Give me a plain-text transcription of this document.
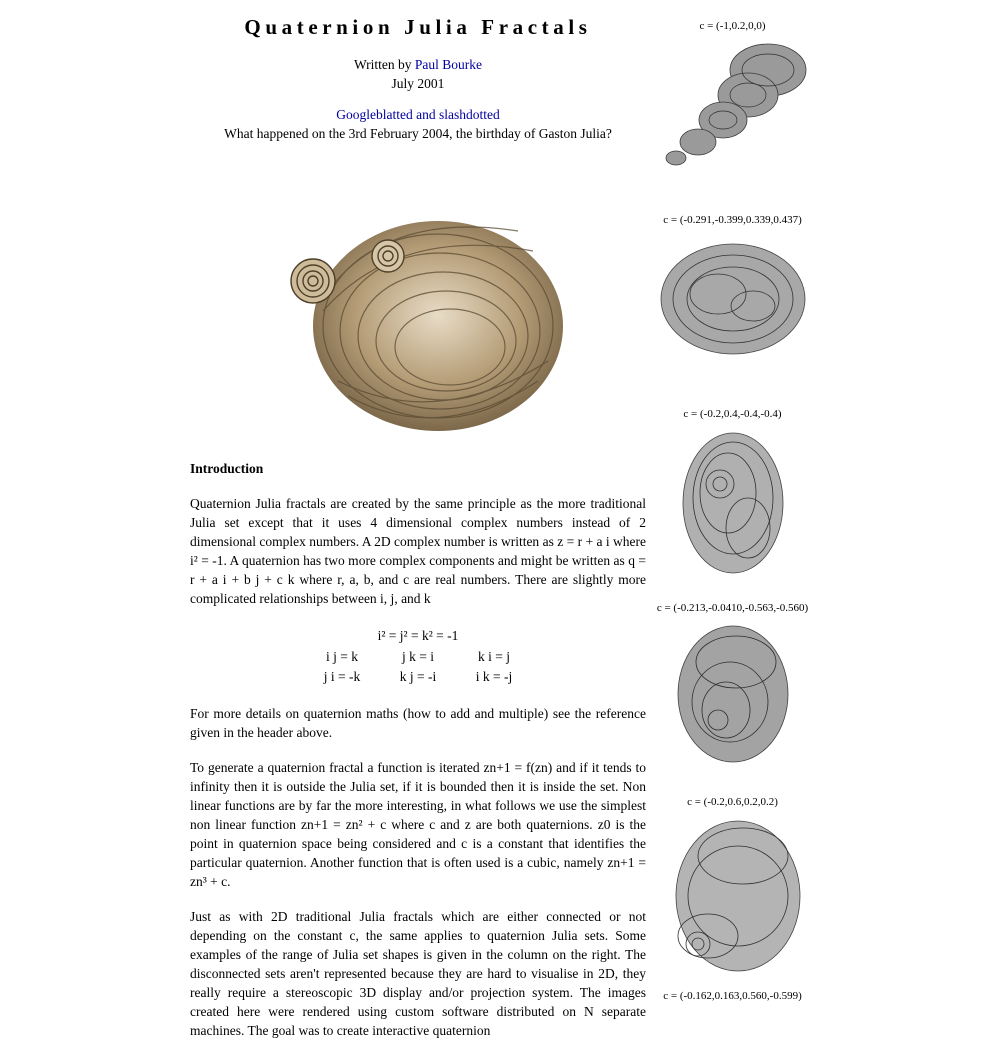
Quaternion Julia Fractals
Written by Paul Bourke
July 2001
Googleblatted and slashdotted
What happened on the 3rd February 2004, the birthday of Gaston Julia?
Introduction

Quaternion Julia fractals are created by the same principle as the more traditional Julia set except that it uses 4 dimensional complex numbers instead of 2 dimensional complex numbers. A 2D complex number is written as z = r + a i where i² = -1. A quaternion has two more complex components and might be written as q = r + a i + b j + c k where r, a, b, and c are real numbers. There are slightly more complicated relationships between i, j, and k

i² = j² = k² = -1
i j = k	j k = i	k i = j
j i = -k	k j = -i	i k = -j

For more details on quaternion maths (how to add and multiple) see the reference given in the header above.

To generate a quaternion fractal a function is iterated zn+1 = f(zn) and if it tends to infinity then it is outside the Julia set, if it is bounded then it is inside the set. Non linear functions are by far the more interesting, in what follows we use the simplest non linear function zn+1 = zn² + c where c and z are both quaternions. z0 is the point in quaternion space being considered and c is a constant that identifies the particular quaternion. Another function that is often used is a cubic, namely zn+1 = zn³ + c.

Just as with 2D traditional Julia fractals which are either connected or not depending on the constant c, the same applies to quaternion Julia sets. Some examples of the range of Julia set shapes is given in the column on the right. The disconnected sets aren't represented because they are hard to visualise in 2D, they really require a stereoscopic 3D display and/or projection system. The images created here were rendered using custom software distributed on N separate machines. The goal was to create interactive quaternion

c = (-1,0.2,0,0)
c = (-0.291,-0.399,0.339,0.437)
c = (-0.2,0.4,-0.4,-0.4)
c = (-0.213,-0.0410,-0.563,-0.560)
c = (-0.2,0.6,0.2,0.2)
c = (-0.162,0.163,0.560,-0.599)
